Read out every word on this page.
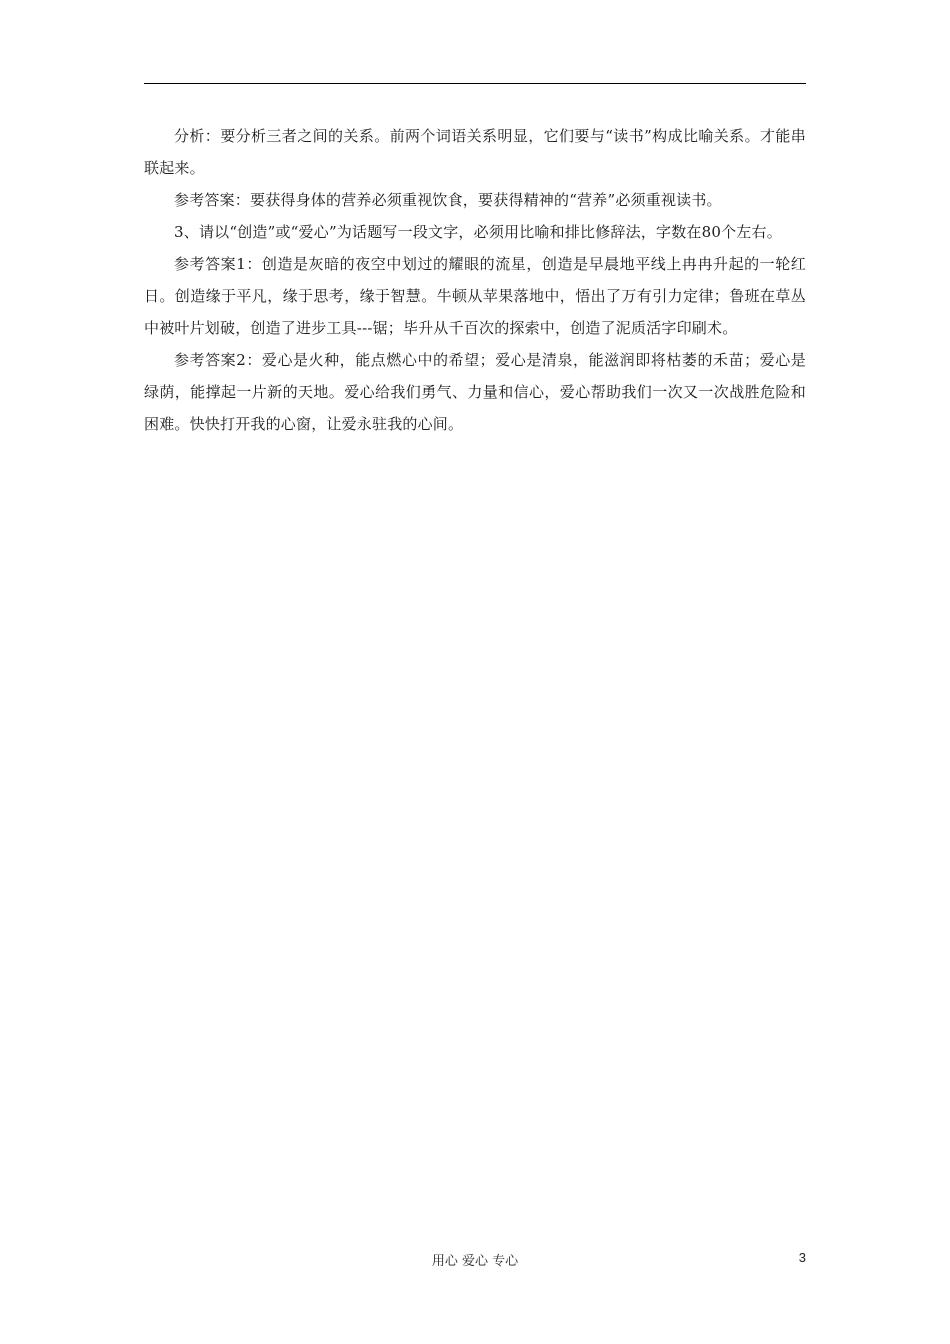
分析：要分析三者之间的关系。前两个词语关系明显，它们要与“读书”构成比喻关系。才能串联起来。

参考答案：要获得身体的营养必须重视饮食，要获得精神的“营养”必须重视读书。

3、请以“创造”或“爱心”为话题写一段文字，必须用比喻和排比修辞法，字数在80个左右。

参考答案1：创造是灰暗的夜空中划过的耀眼的流星，创造是早晨地平线上冉冉升起的一轮红日。创造缘于平凡，缘于思考，缘于智慧。牛顿从苹果落地中，悟出了万有引力定律；鲁班在草丛中被叶片划破，创造了进步工具---锯；毕升从千百次的探索中，创造了泥质活字印刷术。

参考答案2：爱心是火种，能点燃心中的希望；爱心是清泉，能滋润即将枯萎的禾苗；爱心是绿荫，能撑起一片新的天地。爱心给我们勇气、力量和信心，爱心帮助我们一次又一次战胜危险和困难。快快打开我的心窗，让爱永驻我的心间。

用心 爱心 专心	3
